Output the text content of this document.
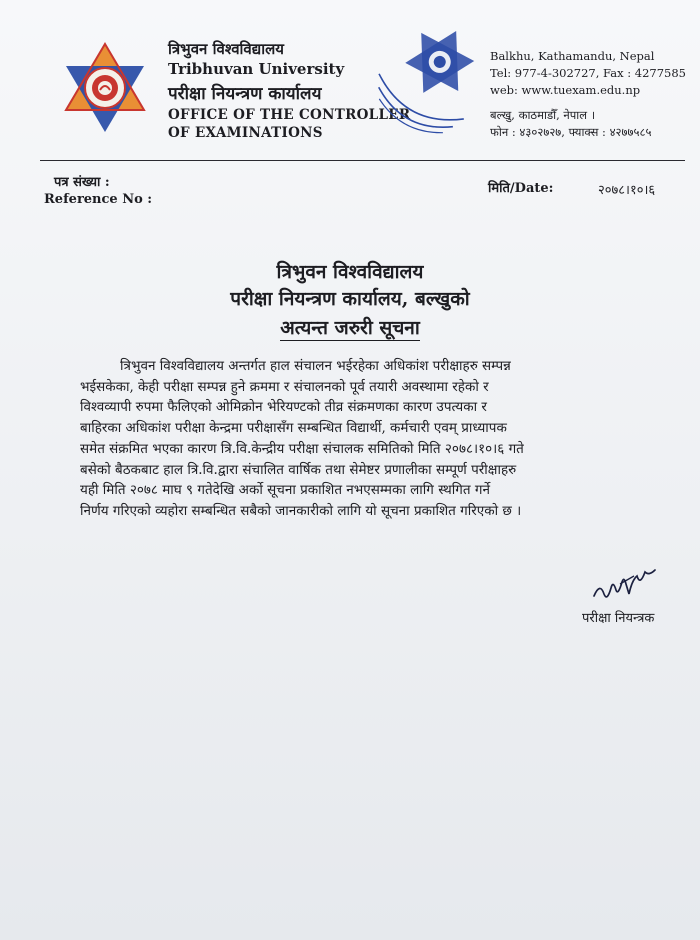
त्रिभुवन विश्वविद्यालय
Tribhuvan University
परीक्षा नियन्त्रण कार्यालय
OFFICE OF THE CONTROLLER
OF EXAMINATIONS
Balkhu, Kathamandu, Nepal
Tel: 977-4-302727, Fax : 4277585
web: www.tuexam.edu.np
बल्खु, काठमाडौँ, नेपाल ।
फोन : ४३०२७२७, फ्याक्स : ४२७७५८५
पत्र संख्या :
Reference No :
मिति/Date:	२०७८।१०।६
त्रिभुवन विश्वविद्यालय
परीक्षा नियन्त्रण कार्यालय, बल्खुको
अत्यन्त जरुरी सूचना
त्रिभुवन विश्वविद्यालय अन्तर्गत हाल संचालन भईरहेका अधिकांश परीक्षाहरु सम्पन्न
भईसकेका, केही परीक्षा सम्पन्न हुने क्रममा र संचालनको पूर्व तयारी अवस्थामा रहेको र
विश्वव्यापी रुपमा फैलिएको ओमिक्रोन भेरियण्टको तीव्र संक्रमणका कारण उपत्यका र
बाहिरका अधिकांश परीक्षा केन्द्रमा परीक्षासँग सम्बन्धित विद्यार्थी, कर्मचारी एवम् प्राध्यापक
समेत संक्रमित भएका कारण त्रि.वि.केन्द्रीय परीक्षा संचालक समितिको मिति २०७८।१०।६ गते
बसेको बैठकबाट हाल त्रि.वि.द्वारा संचालित वार्षिक तथा सेमेष्टर प्रणालीका सम्पूर्ण परीक्षाहरु
यही मिति २०७८ माघ ९ गतेदेखि अर्को सूचना प्रकाशित नभएसम्मका लागि स्थगित गर्ने
निर्णय गरिएको व्यहोरा सम्बन्धित सबैको जानकारीको लागि यो सूचना प्रकाशित गरिएको छ ।
परीक्षा नियन्त्रक
